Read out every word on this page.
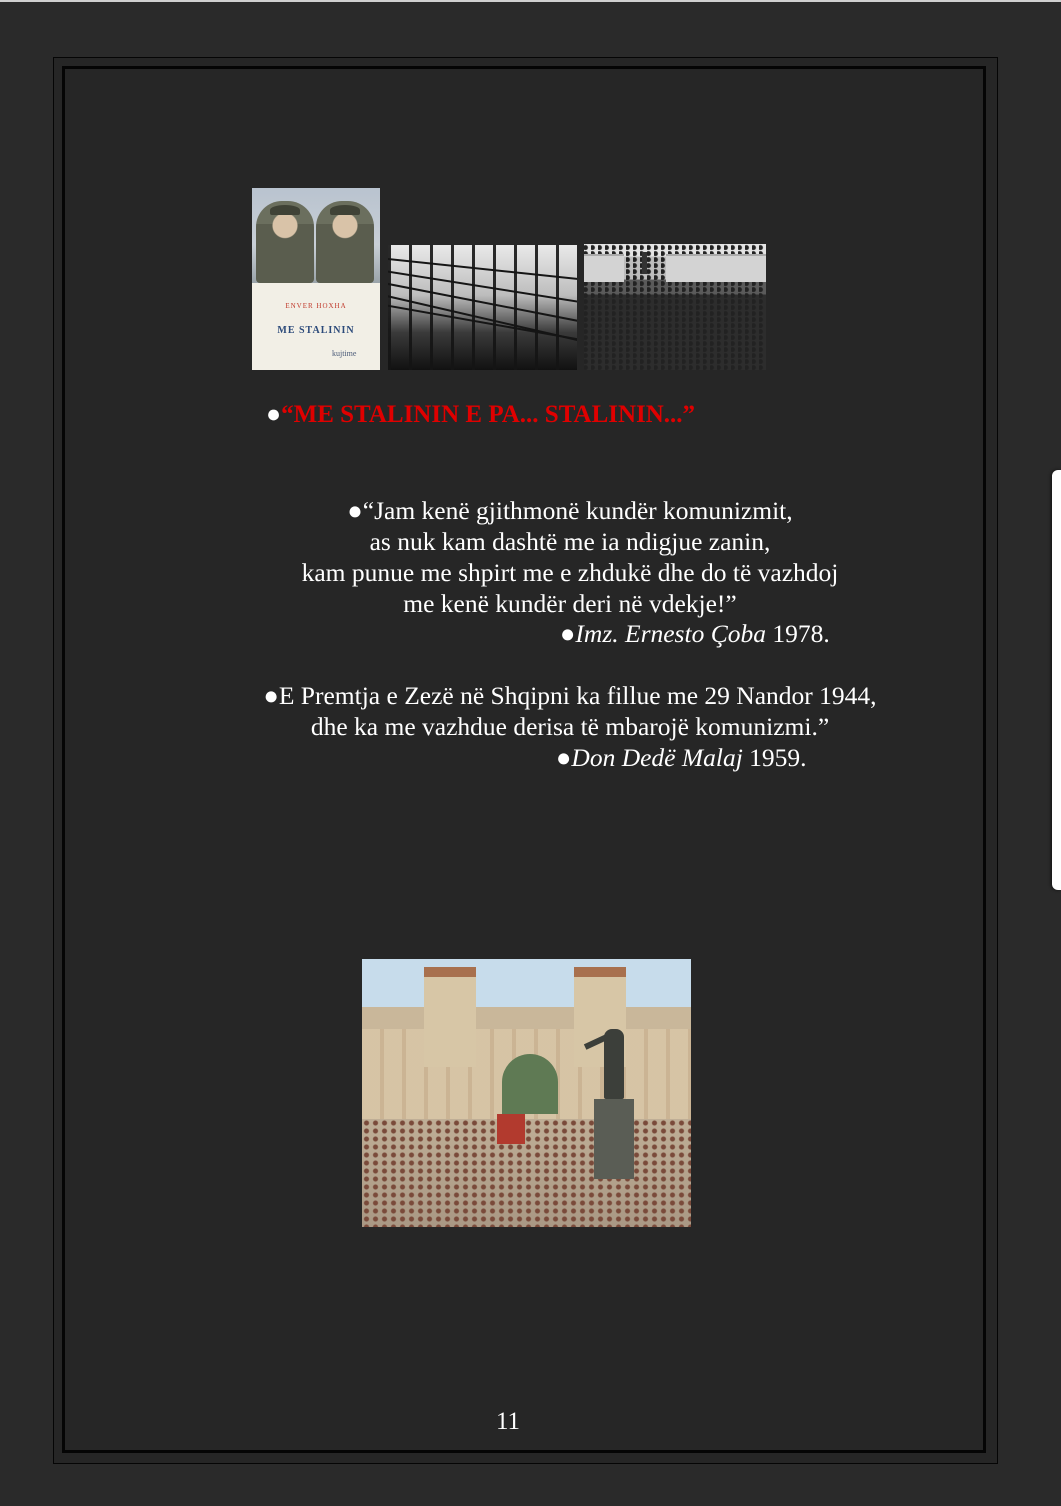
ENVER HOXHA
ME STALININ
kujtime
●“ME STALININ E PA... STALININ...”
●“Jam kenë gjithmonë kundër komunizmit,
as nuk kam dashtë me ia ndigjue zanin,
kam punue me shpirt me e zhdukë dhe do të vazhdoj
me kenë kundër deri në vdekje!”
●Imz. Ernesto Çoba 1978.
●E Premtja e Zezë në Shqipni ka fillue me 29 Nandor 1944,
dhe ka me vazhdue derisa të mbarojë komunizmi.”
●Don Dedë Malaj 1959.
11
